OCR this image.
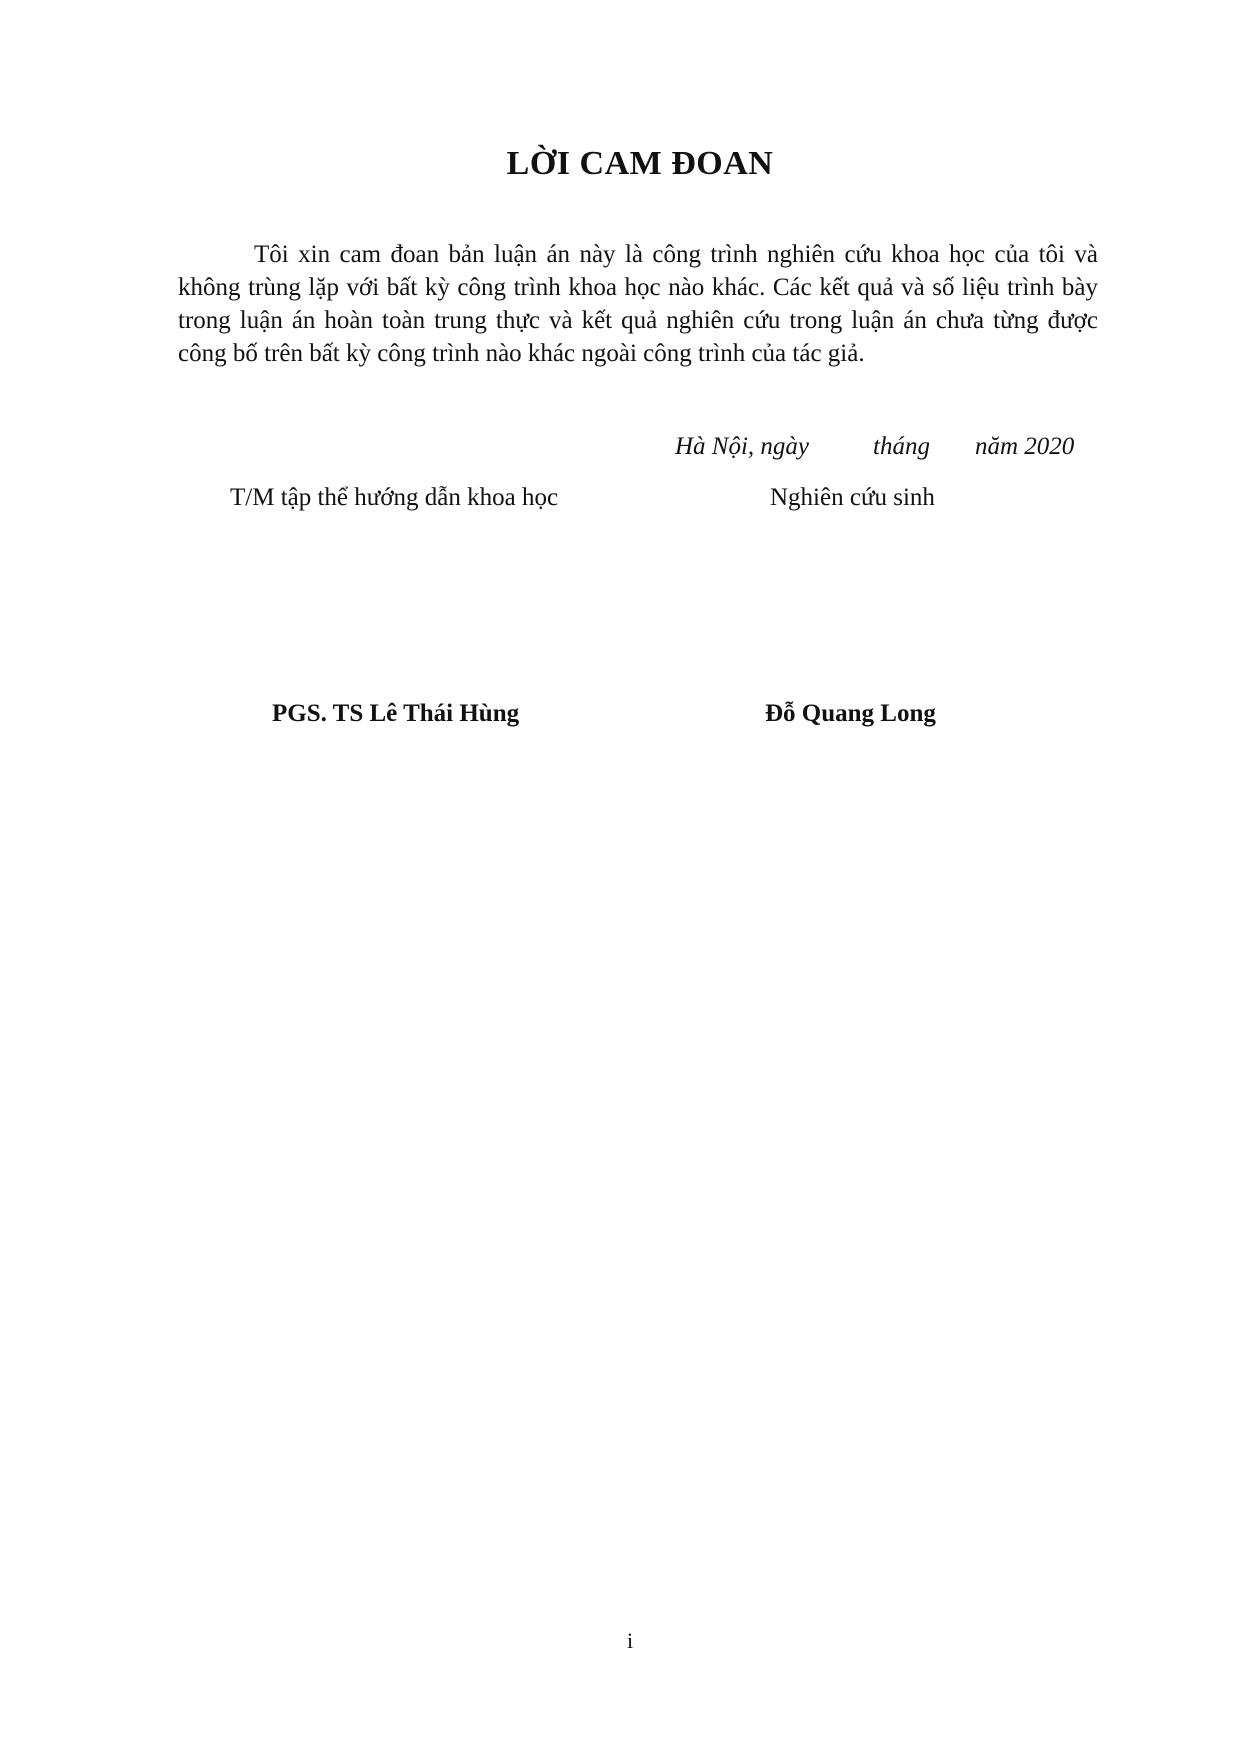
LỜI CAM ĐOAN
Tôi xin cam đoan bản luận án này là công trình nghiên cứu khoa học của tôi và không trùng lặp với bất kỳ công trình khoa học nào khác. Các kết quả và số liệu trình bày trong luận án hoàn toàn trung thực và kết quả nghiên cứu trong luận án chưa từng được công bố trên bất kỳ công trình nào khác ngoài công trình của tác giả.
Hà Nội, ngày	tháng năm 2020
T/M tập thể hướng dẫn khoa học	Nghiên cứu sinh
PGS. TS Lê Thái Hùng	Đỗ Quang Long
i
